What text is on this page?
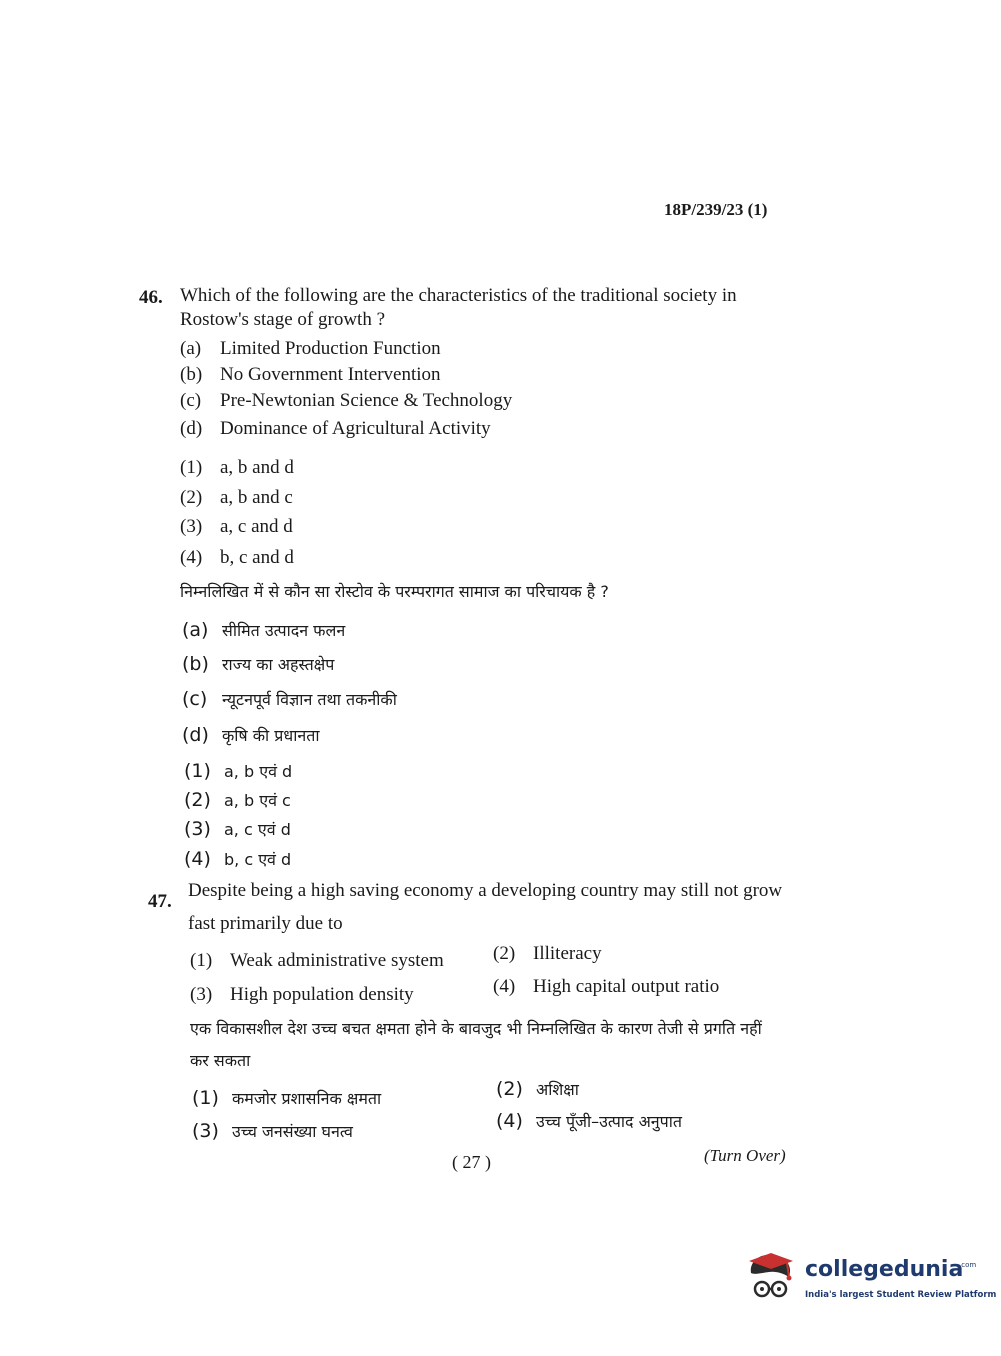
18P/239/23 (1)
46. Which of the following are the characteristics of the traditional society in
Rostow's stage of growth ?
(a) Limited Production Function
(b) No Government Intervention
(c) Pre-Newtonian Science & Technology
(d) Dominance of Agricultural Activity
(1) a, b and d
(2) a, b and c
(3) a, c and d
(4) b, c and d
निम्नलिखित में से कौन सा रोस्टोव के परम्परागत सामाज का परिचायक है ?
(a) सीमित उत्पादन फलन
(b) राज्य का अहस्तक्षेप
(c) न्यूटनपूर्व विज्ञान तथा तकनीकी
(d) कृषि की प्रधानता
(1) a, b एवं d
(2) a, b एवं c
(3) a, c एवं d
(4) b, c एवं d
47.
Despite being a high saving economy a developing country may still not grow
fast primarily due to
(1) Weak administrative system	(2) Illiteracy
(3) High population density	(4) High capital output ratio
एक विकासशील देश उच्च बचत क्षमता होने के बावजुद भी निम्नलिखित के कारण तेजी से प्रगति नहीं
कर सकता
(1) कमजोर प्रशासनिक क्षमता	(2) अशिक्षा
(3) उच्च जनसंख्या घनत्व	(4) उच्च पूँजी–उत्पाद अनुपात
( 27 )	(Turn Over)
collegedunia
.com
India's largest Student Review Platform
